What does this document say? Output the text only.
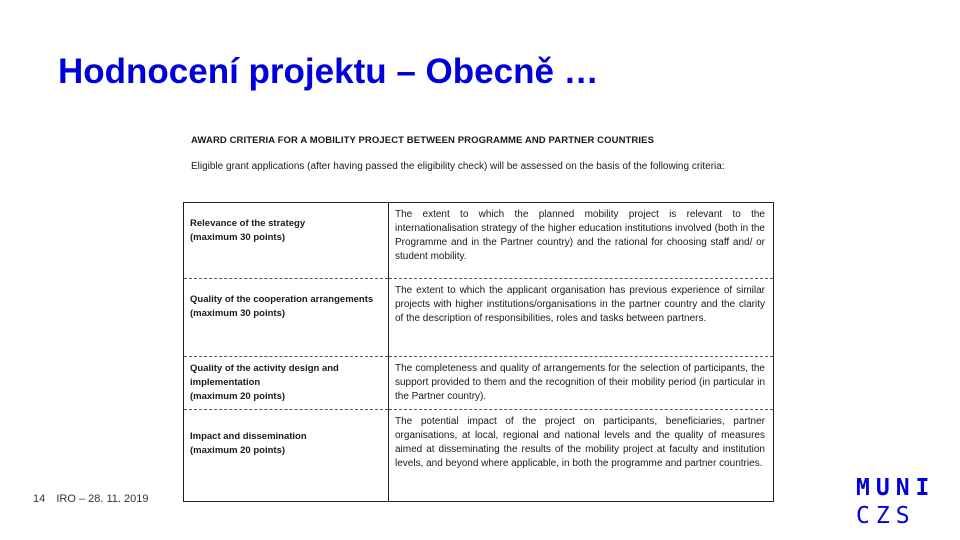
Hodnocení projektu – Obecně …

AWARD CRITERIA FOR A MOBILITY PROJECT BETWEEN PROGRAMME AND PARTNER COUNTRIES

Eligible grant applications (after having passed the eligibility check) will be assessed on the basis of the following criteria:

Relevance of the strategy
(maximum 30 points)	The extent to which the planned mobility project is relevant to the internationalisation strategy of the higher education institutions involved (both in the Programme and in the Partner country) and the rational for choosing staff and/ or student mobility.

Quality of the cooperation arrangements
(maximum 30 points)	The extent to which the applicant organisation has previous experience of similar projects with higher institutions/organisations in the partner country and the clarity of the description of responsibilities, roles and tasks between partners.

Quality of the activity design and implementation
(maximum 20 points)	The completeness and quality of arrangements for the selection of participants, the support provided to them and the recognition of their mobility period (in particular in the Partner country).

Impact and dissemination
(maximum 20 points)	The potential impact of the project on participants, beneficiaries, partner organisations, at local, regional and national levels and the quality of measures aimed at disseminating the results of the mobility project at faculty and institution levels, and beyond where applicable, in both the programme and partner countries.
14 IRO – 28. 11. 2019	MUNI
CZS
